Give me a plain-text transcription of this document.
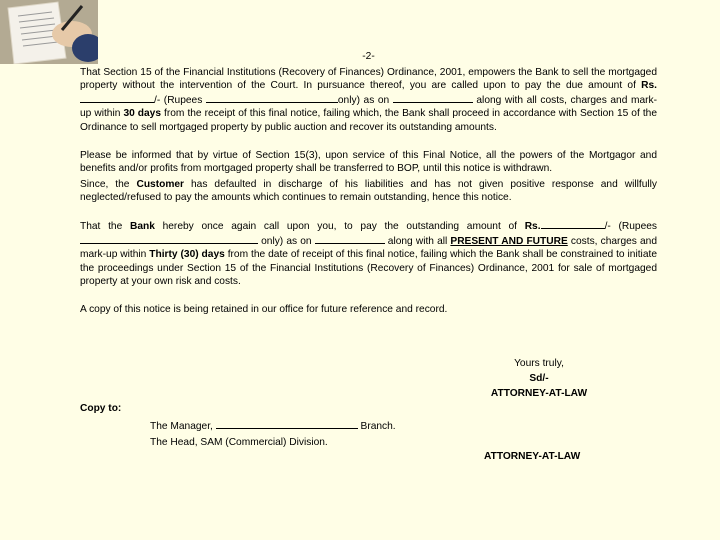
-2-

That Section 15 of the Financial Institutions (Recovery of Finances) Ordinance, 2001, empowers the Bank to sell the mortgaged property without the intervention of the Court. In pursuance thereof, you are called upon to pay the due amount of Rs./- (Rupees	only) as on	along with all costs, charges and mark-up within 30 days from the receipt of this final notice, failing which, the Bank shall proceed in accordance with Section 15 of the Ordinance to sell mortgaged property by public auction and recover its outstanding amounts.

Please be informed that by virtue of Section 15(3), upon service of this Final Notice, all the powers of the Mortgagor and benefits and/or profits from mortgaged property shall be transferred to BOP, until this notice is withdrawn.

Since, the Customer has defaulted in discharge of his liabilities and has not given positive response and willfully neglected/refused to pay the amounts which continues to remain outstanding, hence this notice.

That the Bank hereby once again call upon you, to pay the outstanding amount of Rs.	/- (Rupees  only) as on	along with all PRESENT AND FUTURE costs, charges and mark-up within Thirty (30) days from the date of receipt of this final notice, failing which the Bank shall be constrained to initiate the proceedings under Section 15 of the Financial Institutions (Recovery of Finances) Ordinance, 2001 for sale of mortgaged property at your own risk and costs.

A copy of this notice is being retained in our office for future reference and record.

Yours truly,
Sd/-
ATTORNEY-AT-LAW
Copy to:
The Manager,	Branch.
The Head, SAM (Commercial) Division.
ATTORNEY-AT-LAW
